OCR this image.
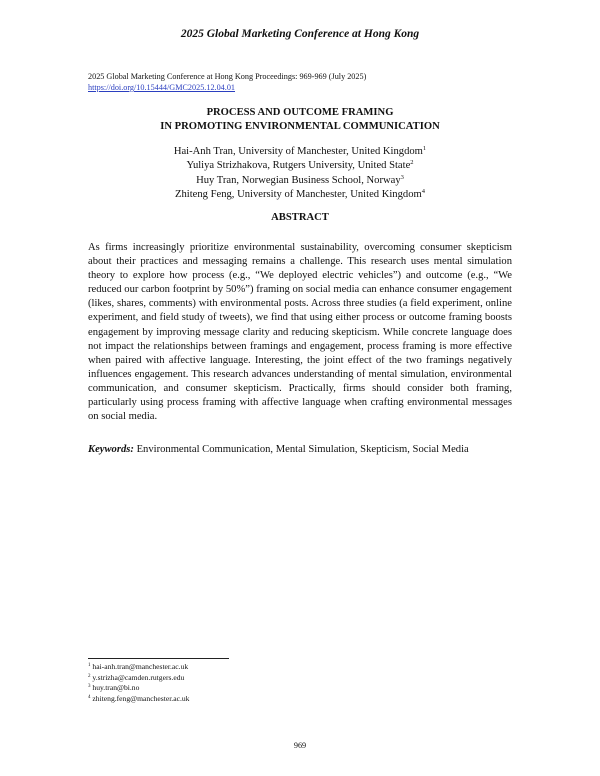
2025 Global Marketing Conference at Hong Kong
2025 Global Marketing Conference at Hong Kong Proceedings: 969-969 (July 2025)
https://doi.org/10.15444/GMC2025.12.04.01
PROCESS AND OUTCOME FRAMING
IN PROMOTING ENVIRONMENTAL COMMUNICATION
Hai-Anh Tran, University of Manchester, United Kingdom$^1$
Yuliya Strizhakova, Rutgers University, United State$^2$
Huy Tran, Norwegian Business School, Norway$^3$
Zhiteng Feng, University of Manchester, United Kingdom$^4$
ABSTRACT
As firms increasingly prioritize environmental sustainability, overcoming consumer skepticism about their practices and messaging remains a challenge. This research uses mental simulation theory to explore how process (e.g., “We deployed electric vehicles”) and outcome (e.g., “We reduced our carbon footprint by 50%”) framing on social media can enhance consumer engagement (likes, shares, comments) with environmental posts. Across three studies (a field experiment, online experiment, and field study of tweets), we find that using either process or outcome framing boosts engagement by improving message clarity and reducing skepticism. While concrete language does not impact the relationships between framings and engagement, process framing is more effective when paired with affective language. Interesting, the joint effect of the two framings negatively influences engagement. This research advances understanding of mental simulation, environmental communication, and consumer skepticism. Practically, firms should consider both framing, particularly using process framing with affective language when crafting environmental messages on social media.
Keywords: Environmental Communication, Mental Simulation, Skepticism, Social Media
$^1$ hai-anh.tran@manchester.ac.uk
$^2$ y.strizha@camden.rutgers.edu
$^3$ huy.tran@bi.no
$^4$ zhiteng.feng@manchester.ac.uk
969
